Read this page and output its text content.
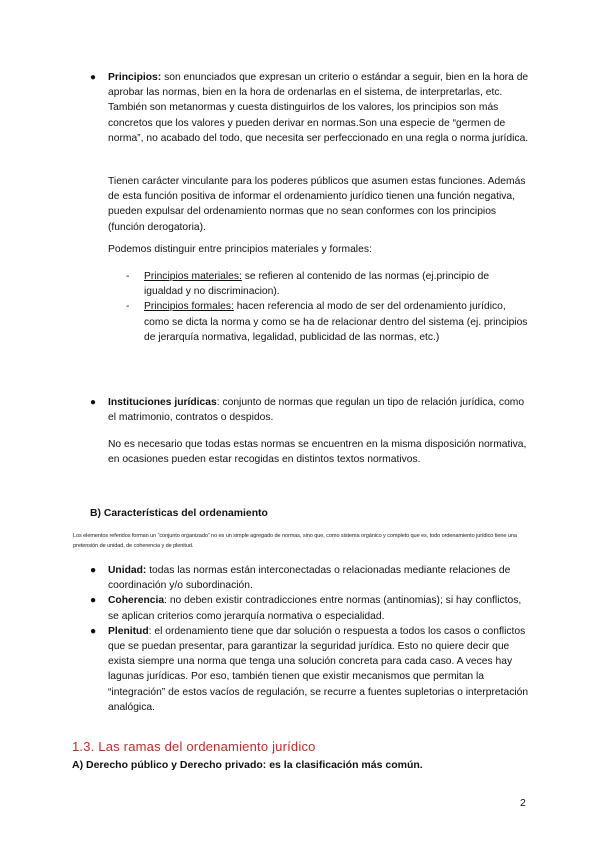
● Principios: son enunciados que expresan un criterio o estándar a seguir, bien en la hora de aprobar las normas, bien en la hora de ordenarlas en el sistema, de interpretarlas, etc. También son metanormas y cuesta distinguirlos de los valores, los principios son más concretos que los valores y pueden derivar en normas.Son una especie de “germen de norma”, no acabado del todo, que necesita ser perfeccionado en una regla o norma jurídica.

Tienen carácter vinculante para los poderes públicos que asumen estas funciones. Además de esta función positiva de informar el ordenamiento jurídico tienen una función negativa, pueden expulsar del ordenamiento normas que no sean conformes con los principios (función derogatoria).

Podemos distinguir entre principios materiales y formales:

- Principios materiales: se refieren al contenido de las normas (ej.principio de igualdad y no discriminacion).
- Principios formales: hacen referencia al modo de ser del ordenamiento jurídico, como se dicta la norma y como se ha de relacionar dentro del sistema (ej. principios de jerarquía normativa, legalidad, publicidad de las normas, etc.)
● Instituciones jurídicas: conjunto de normas que regulan un tipo de relación jurídica, como el matrimonio, contratos o despidos.

No es necesario que todas estas normas se encuentren en la misma disposición normativa, en ocasiones pueden estar recogidas en distintos textos normativos.

B) Características del ordenamiento
Los elementos referidos forman un “conjunto organizado” no es un simple agregado de normas, sino que, como sistema orgánico y completo que es, todo ordenamiento jurídico tiene una pretensión de unidad, de coherencia y de plenitud.
● Unidad: todas las normas están interconectadas o relacionadas mediante relaciones de coordinación y/o subordinación.
● Coherencia: no deben existir contradicciones entre normas (antinomias); si hay conflictos, se aplican criterios como jerarquía normativa o especialidad.
● Plenitud: el ordenamiento tiene que dar solución o respuesta a todos los casos o conflictos que se puedan presentar, para garantizar la seguridad jurídica. Esto no quiere decir que exista siempre una norma que tenga una solución concreta para cada caso. A veces hay lagunas jurídicas. Por eso, también tienen que existir mecanismos que permitan la “integración” de estos vacíos de regulación, se recurre a fuentes supletorias o interpretación analógica.
1.3. Las ramas del ordenamiento jurídico
A) Derecho público y Derecho privado: es la clasificación más común.
2
